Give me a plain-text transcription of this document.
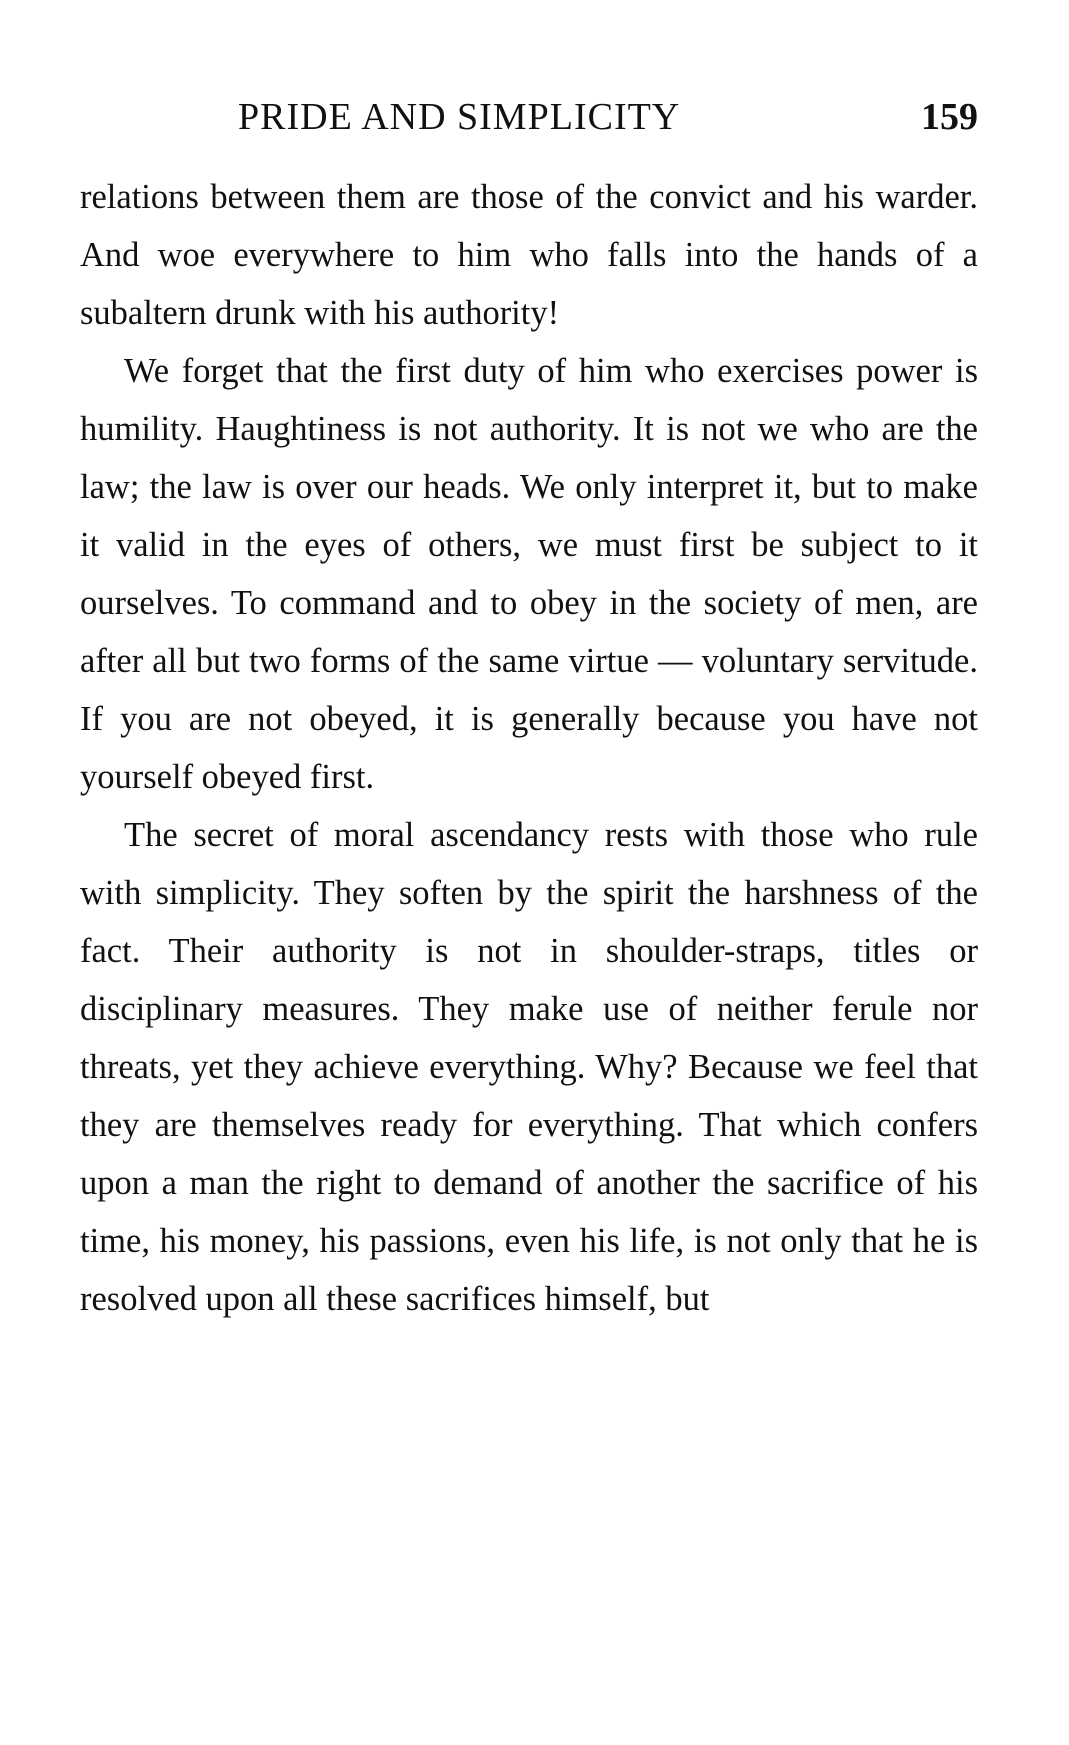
PRIDE AND SIMPLICITY	159

relations between them are those of the convict and his warder. And woe everywhere to him who falls into the hands of a subaltern drunk with his authority!

We forget that the first duty of him who exercises power is humility. Haughtiness is not authority. It is not we who are the law; the law is over our heads. We only interpret it, but to make it valid in the eyes of others, we must first be subject to it ourselves. To command and to obey in the society of men, are after all but two forms of the same virtue — voluntary servitude. If you are not obeyed, it is generally because you have not yourself obeyed first.

The secret of moral ascendancy rests with those who rule with simplicity. They soften by the spirit the harshness of the fact. Their authority is not in shoulder-straps, titles or disciplinary measures. They make use of neither ferule nor threats, yet they achieve everything. Why? Because we feel that they are themselves ready for everything. That which confers upon a man the right to demand of another the sacrifice of his time, his money, his passions, even his life, is not only that he is resolved upon all these sacrifices himself, but
